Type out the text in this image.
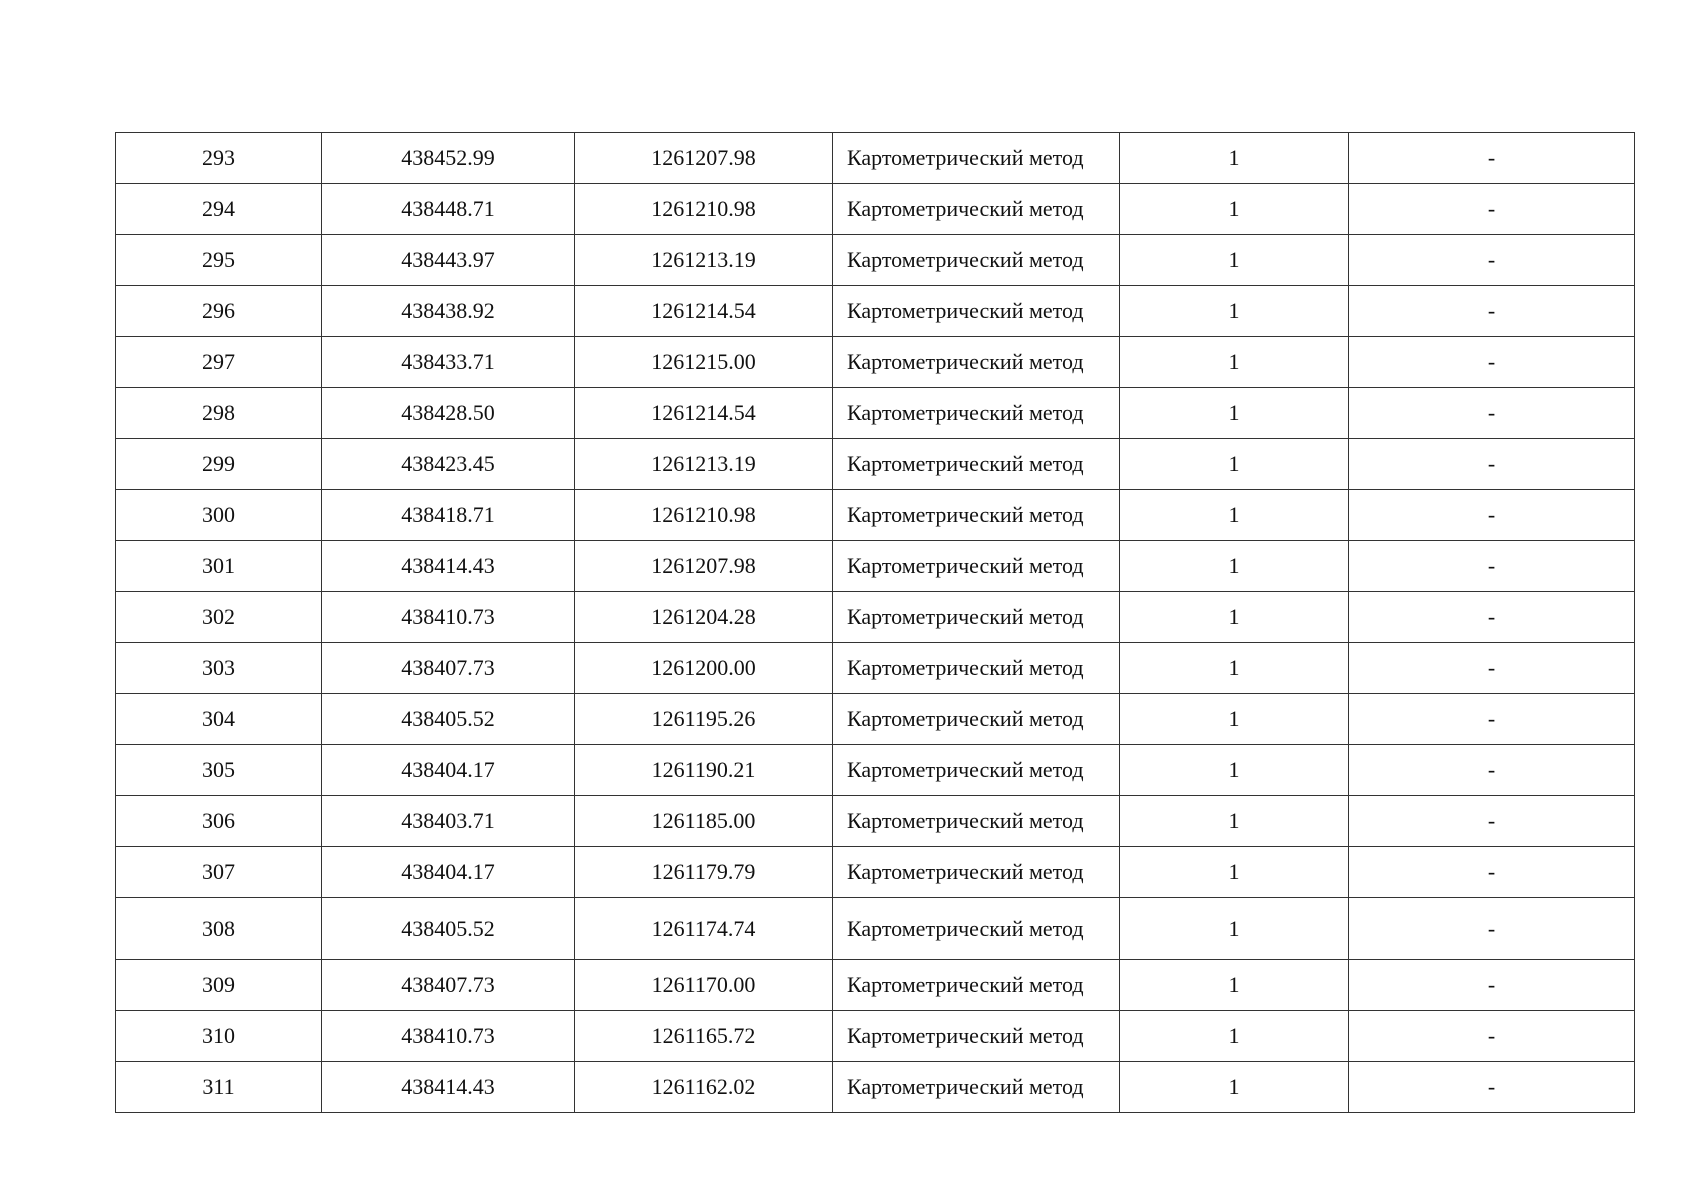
293	438452.99	1261207.98	Картометрический метод	1	-
294	438448.71	1261210.98	Картометрический метод	1	-
295	438443.97	1261213.19	Картометрический метод	1	-
296	438438.92	1261214.54	Картометрический метод	1	-
297	438433.71	1261215.00	Картометрический метод	1	-
298	438428.50	1261214.54	Картометрический метод	1	-
299	438423.45	1261213.19	Картометрический метод	1	-
300	438418.71	1261210.98	Картометрический метод	1	-
301	438414.43	1261207.98	Картометрический метод	1	-
302	438410.73	1261204.28	Картометрический метод	1	-
303	438407.73	1261200.00	Картометрический метод	1	-
304	438405.52	1261195.26	Картометрический метод	1	-
305	438404.17	1261190.21	Картометрический метод	1	-
306	438403.71	1261185.00	Картометрический метод	1	-
307	438404.17	1261179.79	Картометрический метод	1	-
308	438405.52	1261174.74	Картометрический метод	1	-
309	438407.73	1261170.00	Картометрический метод	1	-
310	438410.73	1261165.72	Картометрический метод	1	-
311	438414.43	1261162.02	Картометрический метод	1	-
